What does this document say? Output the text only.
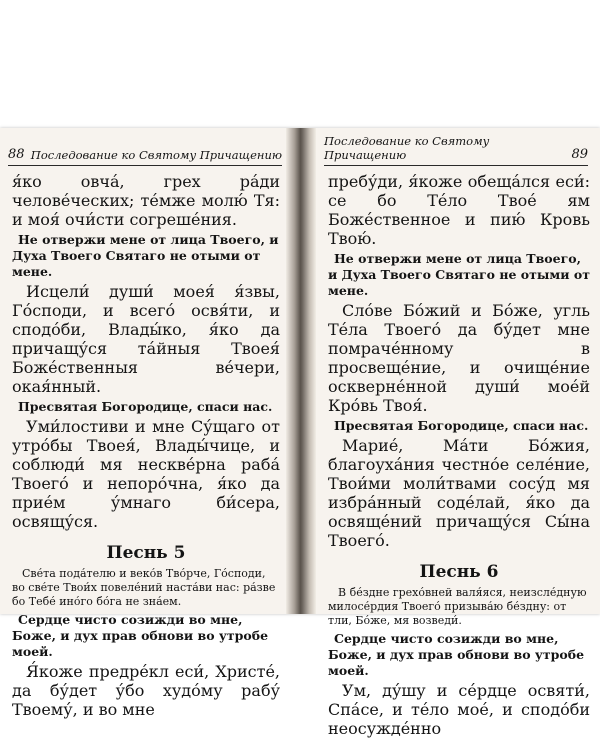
88 Последование ко Святому Причащению

я́ко овча́, грех ра́ди челове́ческих; те́мже молю́ Тя: и моя́ очи́сти согреше́ния.

Не отвержи мене от лица Твоего, и Духа Твоего Святаго не отыми от мене.

Исцели́ души́ моея́ я́звы, Го́споди, и всего́ освя́ти, и сподо́би, Влады́ко, я́ко да причащу́ся та́йныя Твоея́ Боже́ственныя ве́чери, окая́нный.

Пресвятая Богородице, спаси нас.

Уми́лостиви и мне Су́щаго от утро́бы Твоея́, Влады́чице, и соблюди́ мя нескве́рна раба́ Твоего́ и непоро́чна, я́ко да прие́м у́мнаго би́сера, освящу́ся.

Песнь 5

Све́та пода́телю и веко́в Тво́рче, Го́споди, во све́те Твои́х повеле́ний наста́ви нас: ра́зве бо Тебе́ ино́го бо́га не зна́ем.

Сердце чисто созижди во мне, Боже, и дух прав обнови во утробе моей.

Я́коже предре́кл еси́, Христе́, да бу́дет у́бо худо́му рабу́ Твоему́, и во мне

Последование ко Святому Причащению	89

пребу́ди, я́коже обеща́лся еси́: се бо Те́ло Твое́ ям Боже́ственное и пию́ Кровь Твою́.

Не отвержи мене от лица Твоего, и Духа Твоего Святаго не отыми от мене.

Сло́ве Бо́жий и Бо́же, угль Те́ла Твоего́ да бу́дет мне помраче́нному в просвеще́ние, и очище́ние оскверне́нной души́ мое́й Кро́вь Твоя́.

Пресвятая Богородице, спаси нас.

Марие́, Ма́ти Бо́жия, благоуха́ния честно́е селе́ние, Твои́ми моли́твами сосу́д мя избра́нный соде́лай, я́ко да освяще́ний причащу́ся Сы́на Твоего́.

Песнь 6

В бе́здне грехо́вней валя́яся, неизсле́дную милосе́рдия Твоего́ призыва́ю бе́здну: от тли, Бо́же, мя возведи́.

Сердце чисто созижди во мне, Боже, и дух прав обнови во утробе моей.

Ум, ду́шу и се́рдце освяти́, Спа́се, и те́ло мое́, и сподо́би неосужде́нно
